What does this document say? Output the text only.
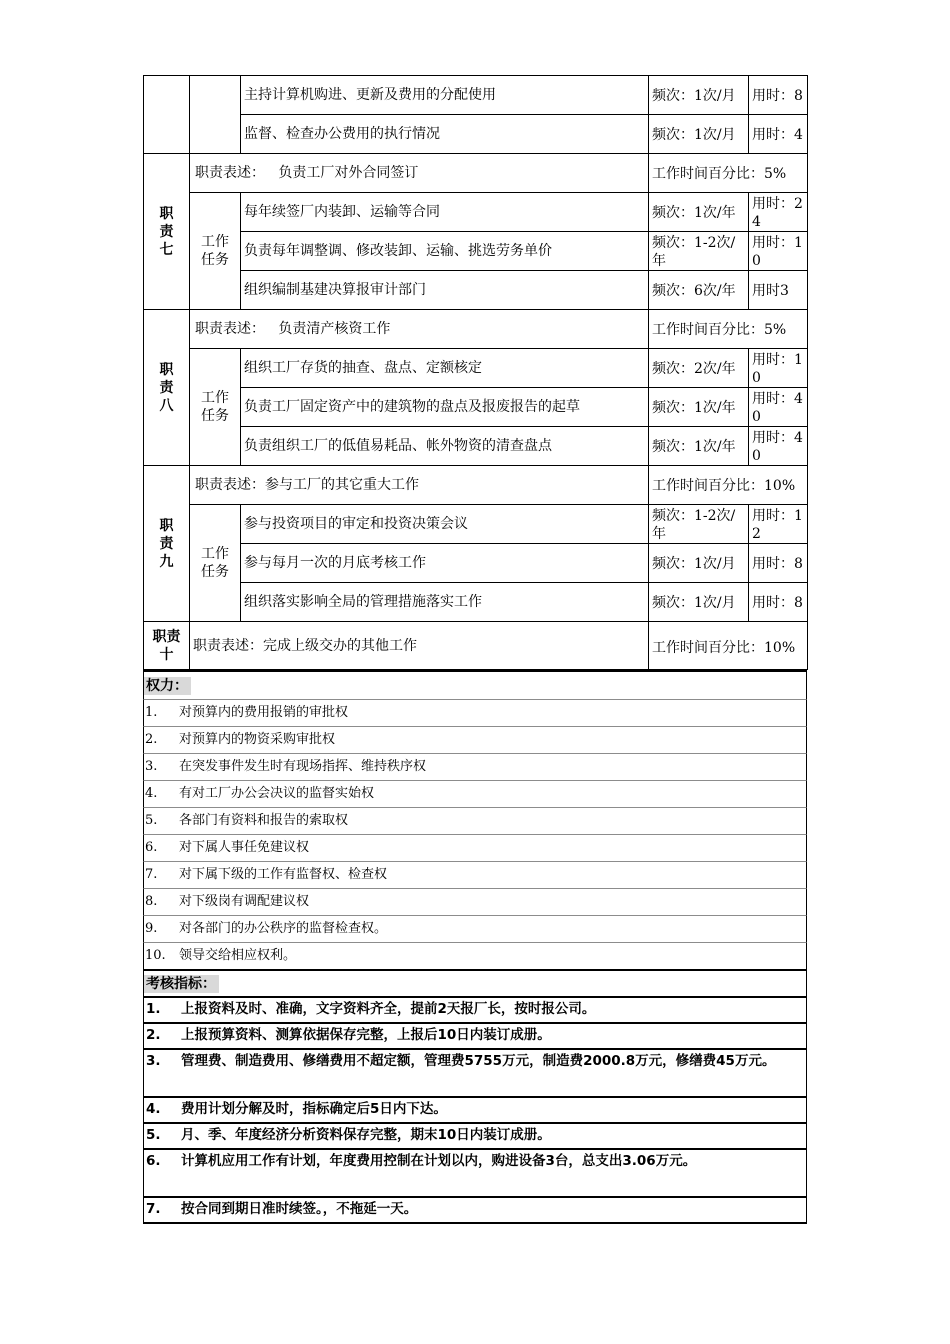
		主持计算机购进、更新及费用的分配使用	频次：1次/月	用时：8
		监督、检查办公费用的执行情况	频次：1次/月	用时：4

职责七	职责表述： 负责工厂对外合同签订		工作时间百分比：5%	

	工作任务	每年续签厂内装卸、运输等合同	频次：1次/年	用时：24
		负责每年调整调、修改装卸、运输、挑选劳务单价	频次：1-2次/年	用时：10
		组织编制基建决算报审计部门	频次：6次/年	用时3

职责八	职责表述： 负责清产核资工作		工作时间百分比：5%	

	工作任务	组织工厂存货的抽查、盘点、定额核定	频次：2次/年	用时：10
		负责工厂固定资产中的建筑物的盘点及报废报告的起草	频次：1次/年	用时：40
		负责组织工厂的低值易耗品、帐外物资的清查盘点	频次：1次/年	用时：40

职责九	职责表述：参与工厂的其它重大工作		工作时间百分比：10%	

	工作任务	参与投资项目的审定和投资决策会议	频次：1-2次/年	用时：12
		参与每月一次的月底考核工作	频次：1次/月	用时：8
		组织落实影响全局的管理措施落实工作	频次：1次/月	用时：8

职责十	职责表述：完成上级交办的其他工作		工作时间百分比：10%	
权力：
1. 对预算内的费用报销的审批权
2. 对预算内的物资采购审批权
3. 在突发事件发生时有现场指挥、维持秩序权
4. 有对工厂办公会决议的监督实始权
5. 各部门有资料和报告的索取权
6. 对下属人事任免建议权
7. 对下属下级的工作有监督权、检查权
8. 对下级岗有调配建议权
9. 对各部门的办公秩序的监督检查权。
10. 领导交给相应权利。
考核指标：
1.	上报资料及时、准确，文字资料齐全，提前2天报厂长，按时报公司。
2.	上报预算资料、测算依据保存完整，上报后10日内装订成册。
3.	管理费、制造费用、修缮费用不超定额，管理费5755万元，制造费2000.8万元，修缮费45万元。
4.	费用计划分解及时，指标确定后5日内下达。
5.	月、季、年度经济分析资料保存完整，期末10日内装订成册。
6.	计算机应用工作有计划，年度费用控制在计划以内，购进设备3台，总支出3.06万元。
7.	按合同到期日准时续签。，不拖延一天。
